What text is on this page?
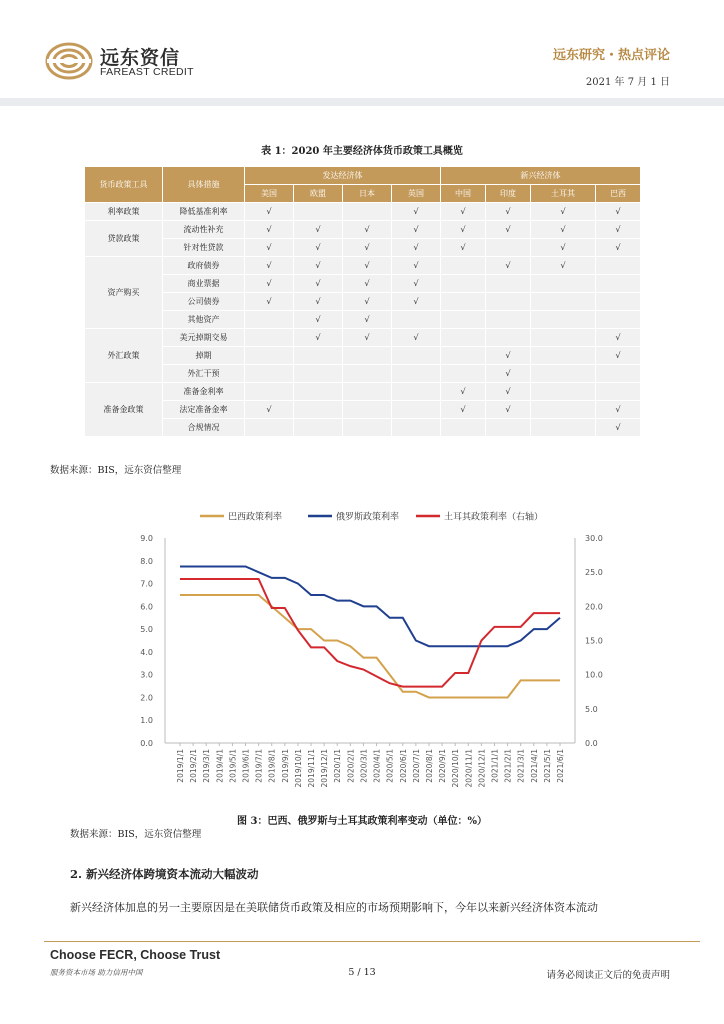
远东资信
FAREAST CREDIT
远东研究・热点评论
2021 年 7 月 1 日
表 1：2020 年主要经济体货币政策工具概览
货币政策工具	具体措施	发达经济体				新兴经济体			
		美国	欧盟	日本	英国	中国	印度	土耳其	巴西
利率政策	降低基准利率	√			√	√	√	√	√
贷款政策	流动性补充	√	√	√	√	√	√	√	√
	针对性贷款	√	√	√	√	√		√	√
资产购买	政府债券	√	√	√	√		√	√	
	商业票据	√	√	√	√				
	公司债券	√	√	√	√				
	其他资产		√	√					
外汇政策	美元掉期交易		√	√	√				√
	掉期						√		√
	外汇干预						√		
准备金政策	准备金利率					√	√		
	法定准备金率	√				√	√		√
	合规情况								√
数据来源：BIS，远东资信整理
0.0
1.0
2.0
3.0
4.0
5.0
6.0
7.0
8.0
9.0
0.0
5.0
10.0
15.0
20.0
25.0
30.0
2019/1/1 2019/2/1 2019/3/1 2019/4/1 2019/5/1 2019/6/1 2019/7/1 2019/8/1 2019/9/1 2019/10/1 2019/11/1 2019/12/1 2020/1/1 2020/2/1 2020/3/1 2020/4/1 2020/5/1 2020/6/1 2020/7/1 2020/8/1 2020/9/1 2020/10/1 2020/11/1 2020/12/1 2021/1/1 2021/2/1 2021/3/1 2021/4/1 2021/5/1 2021/6/1
巴西政策利率	俄罗斯政策利率	土耳其政策利率（右轴）
图 3：巴西、俄罗斯与土耳其政策利率变动（单位：%）
数据来源：BIS，远东资信整理
2. 新兴经济体跨境资本流动大幅波动
新兴经济体加息的另一主要原因是在美联储货币政策及相应的市场预期影响下，今年以来新兴经济体资本流动
Choose FECR, Choose Trust
服务资本市场 助力信用中国	5 / 13	请务必阅读正文后的免责声明
